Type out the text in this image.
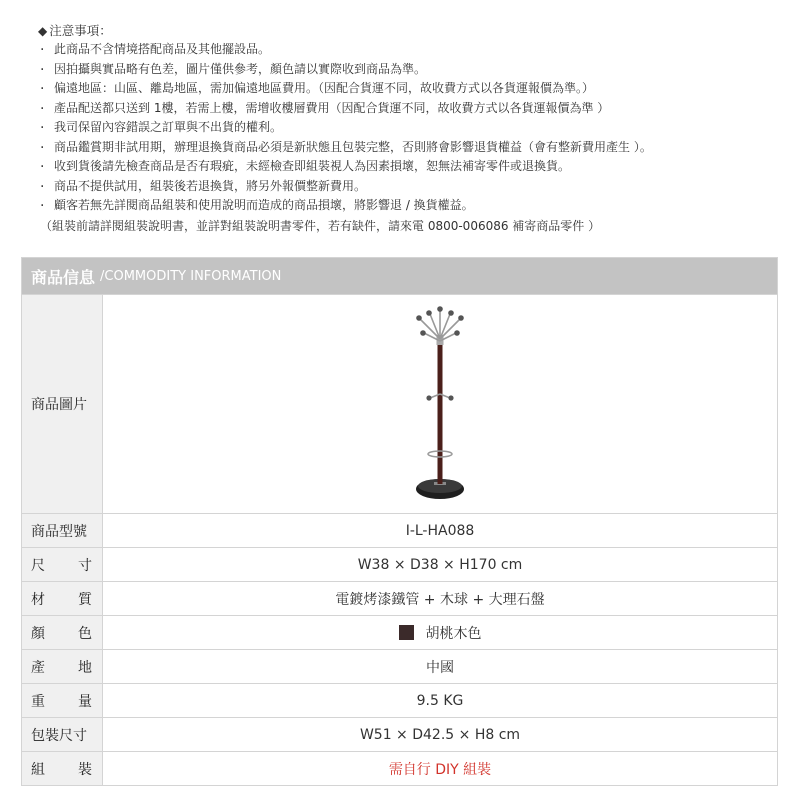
◆ 注意事項：
. 此商品不含情境搭配商品及其他擺設品。
. 因拍攝與實品略有色差，圖片僅供參考，顏色請以實際收到商品為準。
. 偏遠地區：山區、離島地區，需加偏遠地區費用。（因配合貨運不同，故收費方式以各貨運報價為準。）
. 產品配送都只送到 1樓，若需上樓，需增收樓層費用（因配合貨運不同，故收費方式以各貨運報價為準 ）
. 我司保留內容錯誤之訂單與不出貨的權利。
. 商品鑑賞期非試用期，辦理退換貨商品必須是新狀態且包裝完整，否則將會影響退貨權益（會有整新費用產生 ）。
. 收到貨後請先檢查商品是否有瑕疵，未經檢查即組裝視人為因素損壞，恕無法補寄零件或退換貨。
. 商品不提供試用，組裝後若退換貨，將另外報價整新費用。
. 顧客若無先詳閱商品組裝和使用說明而造成的商品損壞，將影響退 / 換貨權益。
（組裝前請詳閱組裝說明書，並詳對組裝說明書零件，若有缺件，請來電 0800-006086 補寄商品零件 ）
商品信息 /COMMODITY INFORMATION
商品圖片
商品型號	I-L-HA088
尺 寸	W38 × D38 × H170 cm
材 質	電鍍烤漆鐵管 + 木球 + 大理石盤
顏 色	胡桃木色
產 地	中國
重 量	9.5 KG
包裝尺寸	W51 × D42.5 × H8 cm
組 裝	需自行 DIY 組裝
